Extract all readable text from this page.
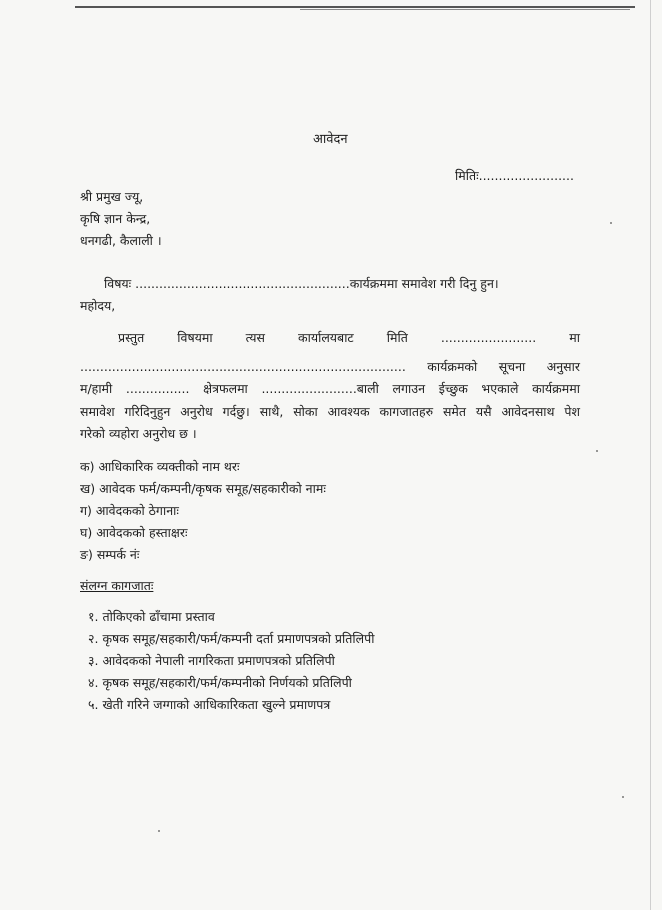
आवेदन
मितिः........................
श्री प्रमुख ज्यू,
कृषि ज्ञान केन्द्र,
धनगढी, कैलाली ।
विषयः ......................................................कार्यक्रममा समावेश गरी दिनु हुन।
महोदय,
प्रस्तुत	विषयमा	त्यस	कार्यालयबाट	मिति	........................	मा
.................................................................................. कार्यक्रमको सूचना अनुसार
म/हामी ................ क्षेत्रफलमा ........................बाली लगाउन ईच्छुक भएकाले कार्यक्रममा
समावेश गरिदिनुहुन अनुरोध गर्दछु। साथै, सोका आवश्यक कागजातहरु समेत यसै आवेदनसाथ पेश
गरेको व्यहोरा अनुरोध छ ।
क) आधिकारिक व्यक्तीको नाम थरः
ख) आवेदक फर्म/कम्पनी/कृषक समूह/सहकारीको नामः
ग) आवेदकको ठेगानाः
घ) आवेदकको हस्ताक्षरः
ङ) सम्पर्क नंः
संलग्न कागजातः
१. तोकिएको ढाँचामा प्रस्ताव
२. कृषक समूह/सहकारी/फर्म/कम्पनी दर्ता प्रमाणपत्रको प्रतिलिपी
३. आवेदकको नेपाली नागरिकता प्रमाणपत्रको प्रतिलिपी
४. कृषक समूह/सहकारी/फर्म/कम्पनीको निर्णयको प्रतिलिपी
५. खेती गरिने जग्गाको आधिकारिकता खुल्ने प्रमाणपत्र
